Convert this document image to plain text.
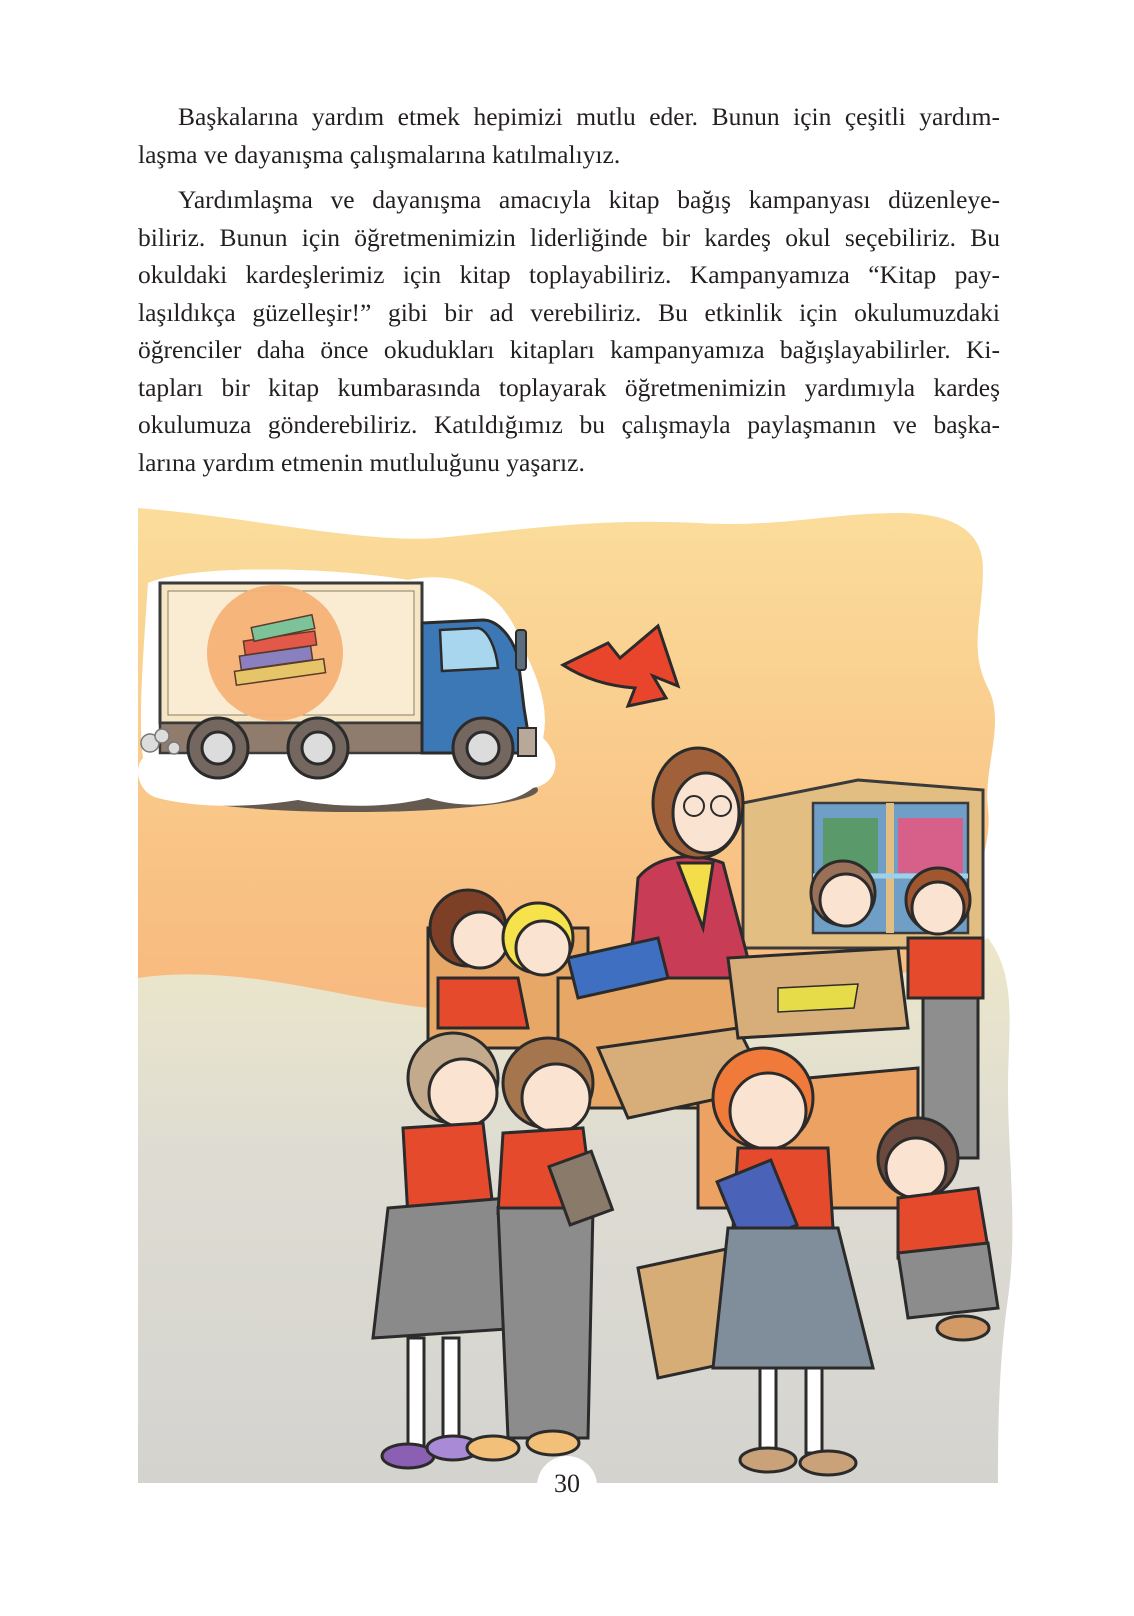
Başkalarına yardım etmek hepimizi mutlu eder. Bunun için çeşitli yardım-
laşma ve dayanışma çalışmalarına katılmalıyız.

Yardımlaşma ve dayanışma amacıyla kitap bağış kampanyası düzenleye-
biliriz. Bunun için öğretmenimizin liderliğinde bir kardeş okul seçebiliriz. Bu
okuldaki kardeşlerimiz için kitap toplayabiliriz. Kampanyamıza “Kitap pay-
laşıldıkça güzelleşir!” gibi bir ad verebiliriz. Bu etkinlik için okulumuzdaki
öğrenciler daha önce okudukları kitapları kampanyamıza bağışlayabilirler. Ki-
tapları bir kitap kumbarasında toplayarak öğretmenimizin yardımıyla kardeş
okulumuza gönderebiliriz. Katıldığımız bu çalışmayla paylaşmanın ve başka-
larına yardım etmenin mutluluğunu yaşarız.

30
